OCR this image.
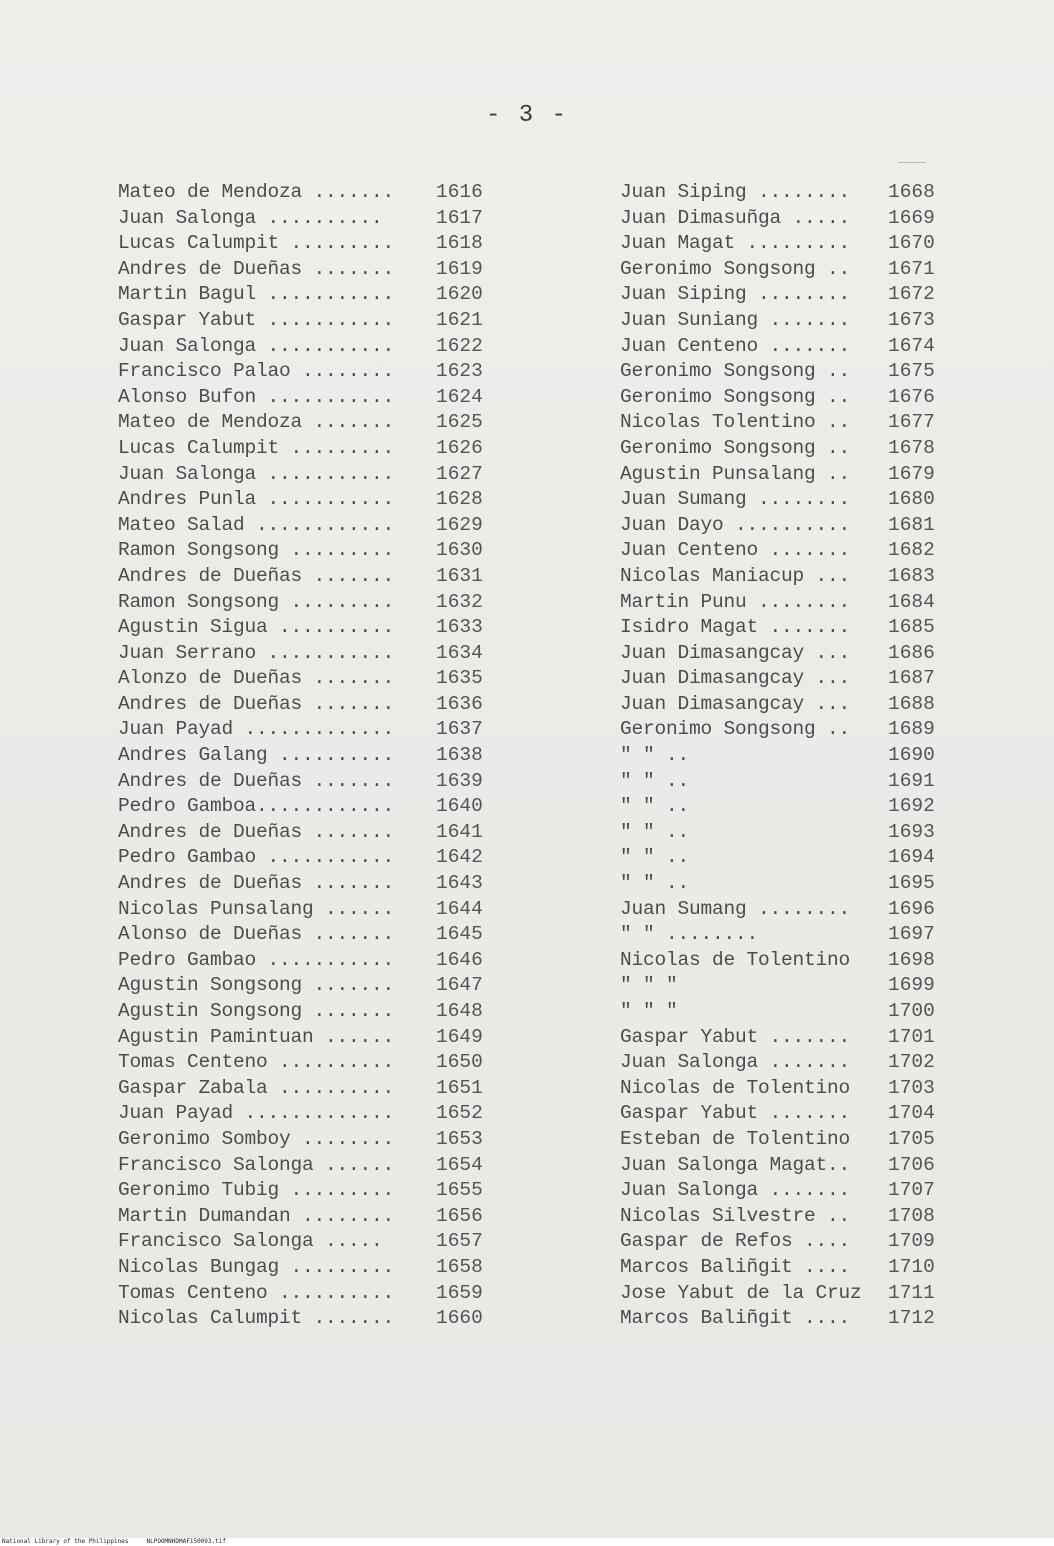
- 3 -
Mateo de Mendoza ....... 1616
Juan Salonga ..........	1617
Lucas Calumpit ......... 1618
Andres de Dueñas ....... 1619
Martin Bagul ........... 1620
Gaspar Yabut ........... 1621
Juan Salonga ........... 1622
Francisco Palao ........ 1623
Alonso Bufon ........... 1624
Mateo de Mendoza ....... 1625
Lucas Calumpit ......... 1626
Juan Salonga ........... 1627
Andres Punla ........... 1628
Mateo Salad ............ 1629
Ramon Songsong ......... 1630
Andres de Dueñas ....... 1631
Ramon Songsong ......... 1632
Agustin Sigua .......... 1633
Juan Serrano ........... 1634
Alonzo de Dueñas ....... 1635
Andres de Dueñas ....... 1636
Juan Payad ............. 1637
Andres Galang .......... 1638
Andres de Dueñas ....... 1639
Pedro Gamboa............ 1640
Andres de Dueñas ....... 1641
Pedro Gambao ........... 1642
Andres de Dueñas ....... 1643
Nicolas Punsalang ...... 1644
Alonso de Dueñas ....... 1645
Pedro Gambao ........... 1646
Agustin Songsong ....... 1647
Agustin Songsong ....... 1648
Agustin Pamintuan ...... 1649
Tomas Centeno .......... 1650
Gaspar Zabala .......... 1651
Juan Payad ............. 1652
Geronimo Somboy ........ 1653
Francisco Salonga ...... 1654
Geronimo Tubig ......... 1655
Martin Dumandan ........ 1656
Francisco Salonga .....	1657
Nicolas Bungag ......... 1658
Tomas Centeno .......... 1659
Nicolas Calumpit ....... 1660
Juan Siping ........ 1668
Juan Dimasuñga ..... 1669
Juan Magat ......... 1670
Geronimo Songsong .. 1671
Juan Siping ........ 1672
Juan Suniang ....... 1673
Juan Centeno ....... 1674
Geronimo Songsong .. 1675
Geronimo Songsong .. 1676
Nicolas Tolentino .. 1677
Geronimo Songsong .. 1678
Agustin Punsalang .. 1679
Juan Sumang ........ 1680
Juan Dayo .......... 1681
Juan Centeno ....... 1682
Nicolas Maniacup ... 1683
Martin Punu ........ 1684
Isidro Magat ....... 1685
Juan Dimasangcay ... 1686
Juan Dimasangcay ... 1687
Juan Dimasangcay ... 1688
Geronimo Songsong .. 1689
" " ..	1690
" " ..	1691
" " ..	1692
" " ..	1693
" " ..	1694
" " ..	1695
Juan Sumang ........ 1696
" " ........	1697
Nicolas de Tolentino 1698
" " "	1699
" " "	1700
Gaspar Yabut ....... 1701
Juan Salonga ....... 1702
Nicolas de Tolentino 1703
Gaspar Yabut ....... 1704
Esteban de Tolentino 1705
Juan Salonga Magat.. 1706
Juan Salonga ....... 1707
Nicolas Silvestre .. 1708
Gaspar de Refos .... 1709
Marcos Baliñgit .... 1710
Jose Yabut de la Cruz 1711
Marcos Baliñgit .... 1712
National Library of the Philippines     NLPOOMNHDMAF150093.tif
